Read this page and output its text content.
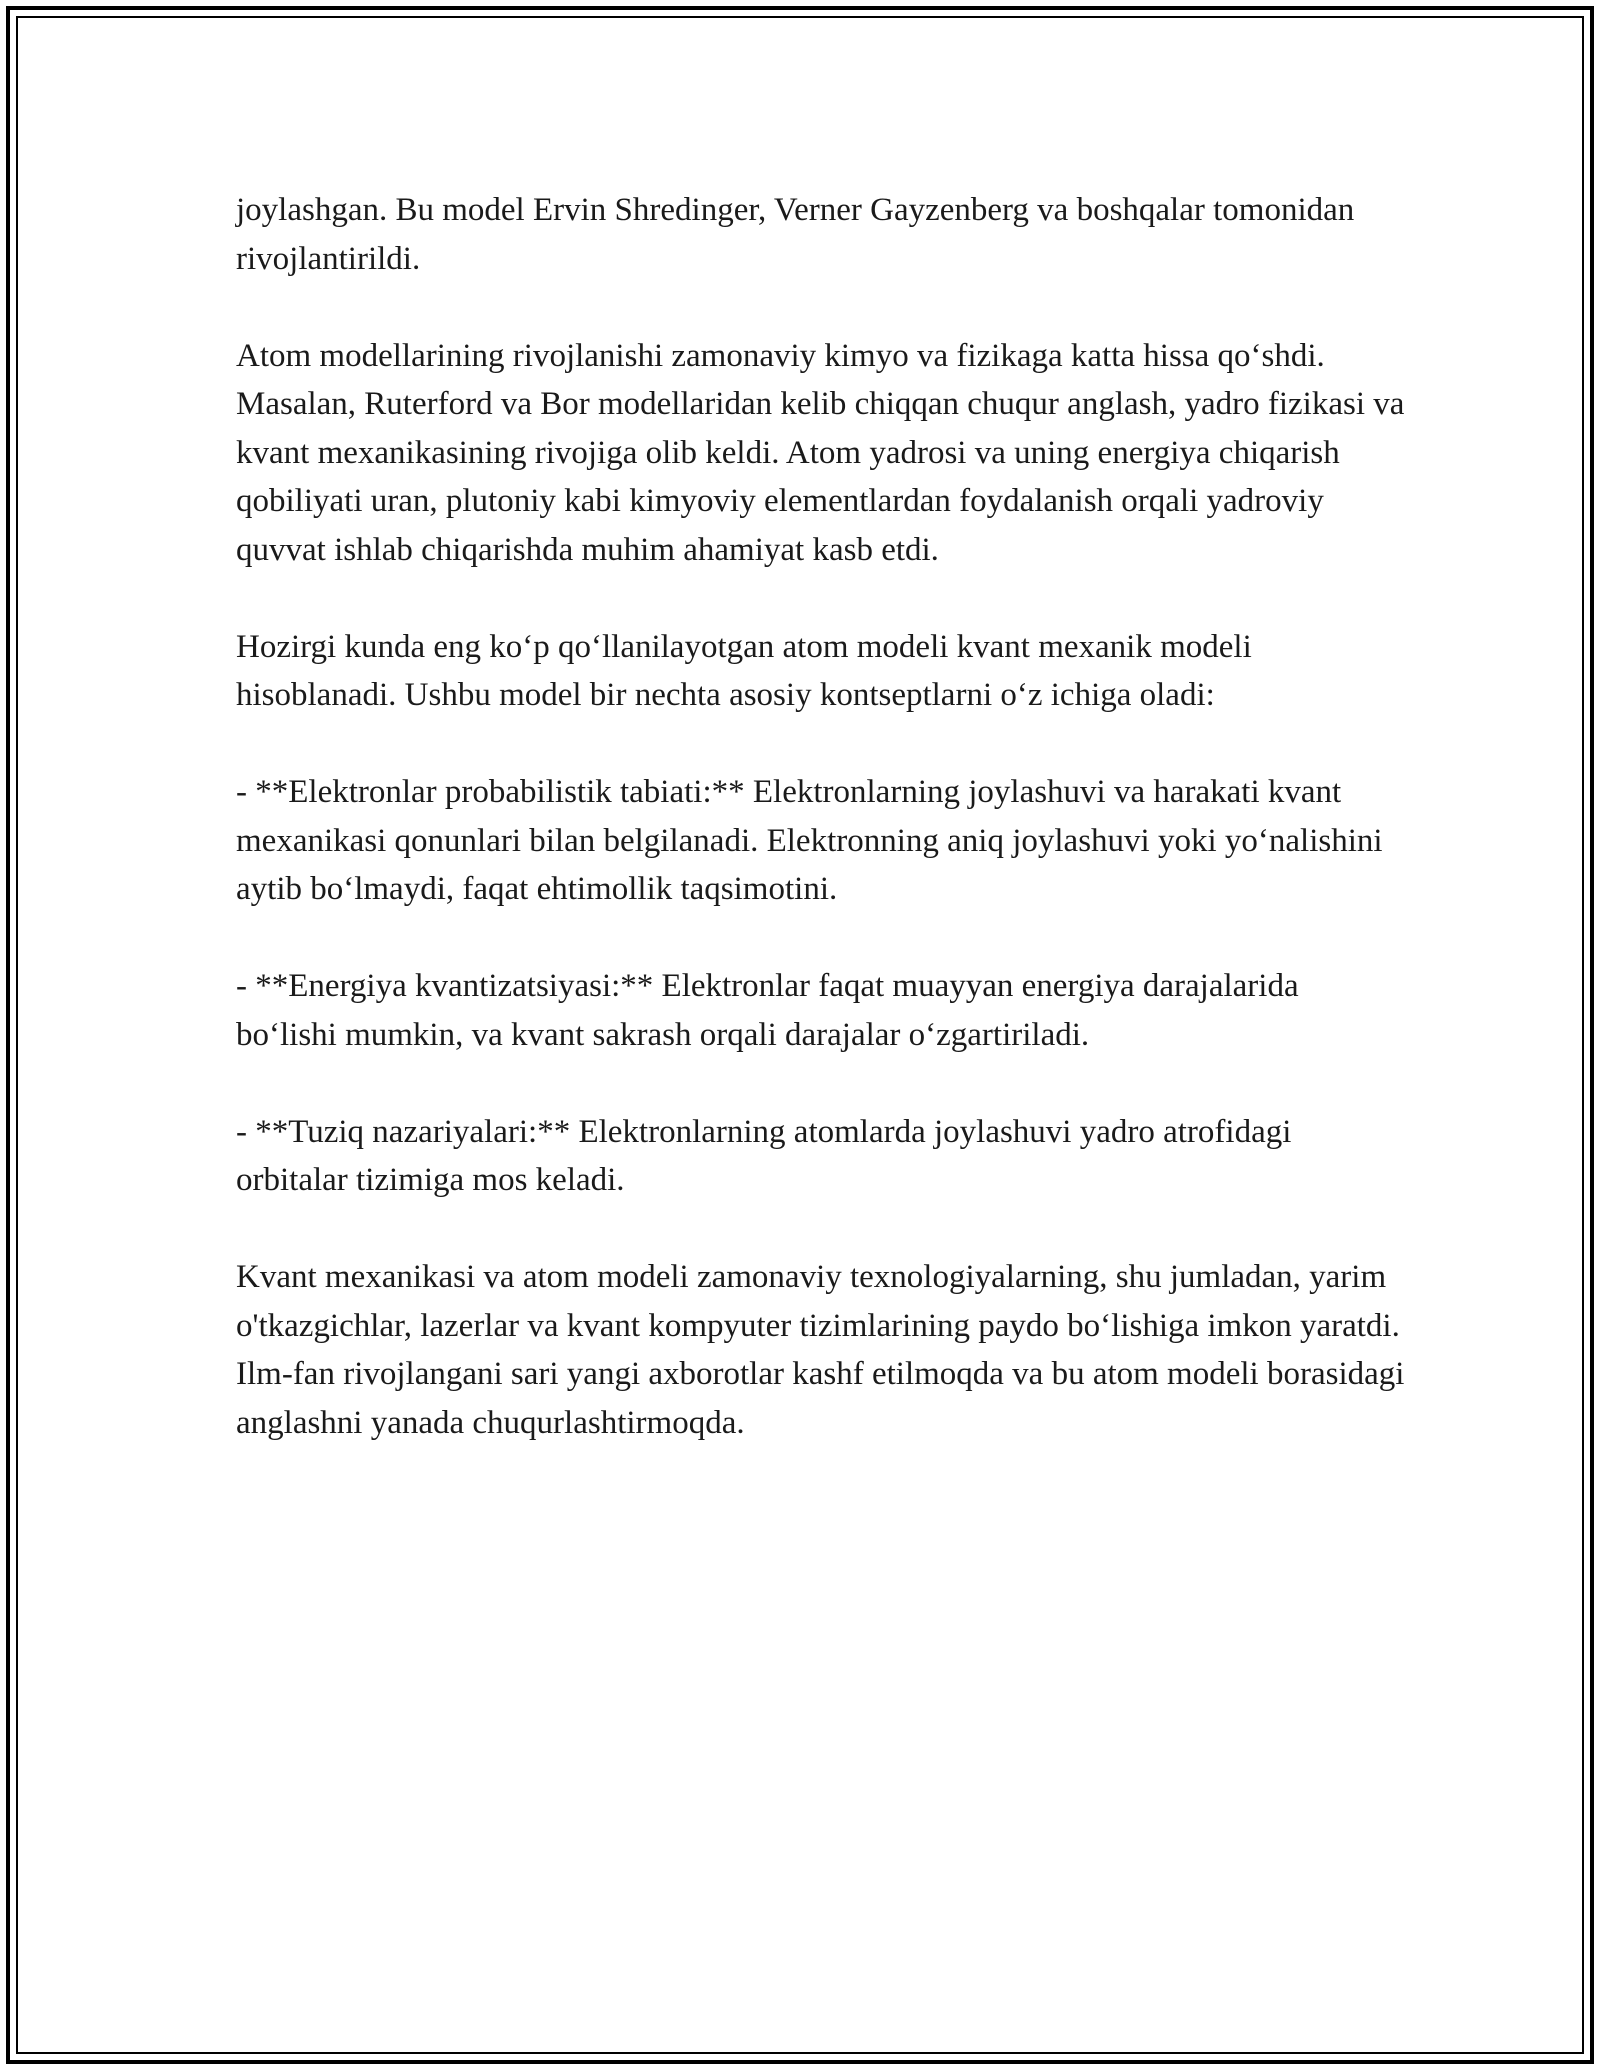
joylashgan. Bu model Ervin Shredinger, Verner Gayzenberg va boshqalar tomonidan rivojlantirildi.

Atom modellarining rivojlanishi zamonaviy kimyo va fizikaga katta hissa qoʻshdi. Masalan, Ruterford va Bor modellaridan kelib chiqqan chuqur anglash, yadro fizikasi va kvant mexanikasining rivojiga olib keldi. Atom yadrosi va uning energiya chiqarish qobiliyati uran, plutoniy kabi kimyoviy elementlardan foydalanish orqali yadroviy quvvat ishlab chiqarishda muhim ahamiyat kasb etdi.

Hozirgi kunda eng koʻp qoʻllanilayotgan atom modeli kvant mexanik modeli hisoblanadi. Ushbu model bir nechta asosiy kontseptlarni oʻz ichiga oladi:

- **Elektronlar probabilistik tabiati:** Elektronlarning joylashuvi va harakati kvant mexanikasi qonunlari bilan belgilanadi. Elektronning aniq joylashuvi yoki yoʻnalishini aytib boʻlmaydi, faqat ehtimollik taqsimotini.

- **Energiya kvantizatsiyasi:** Elektronlar faqat muayyan energiya darajalarida boʻlishi mumkin, va kvant sakrash orqali darajalar oʻzgartiriladi.

- **Tuziq nazariyalari:** Elektronlarning atomlarda joylashuvi yadro atrofidagi orbitalar tizimiga mos keladi.

Kvant mexanikasi va atom modeli zamonaviy texnologiyalarning, shu jumladan, yarim o'tkazgichlar, lazerlar va kvant kompyuter tizimlarining paydo boʻlishiga imkon yaratdi. Ilm-fan rivojlangani sari yangi axborotlar kashf etilmoqda va bu atom modeli borasidagi anglashni yanada chuqurlashtirmoqda.
